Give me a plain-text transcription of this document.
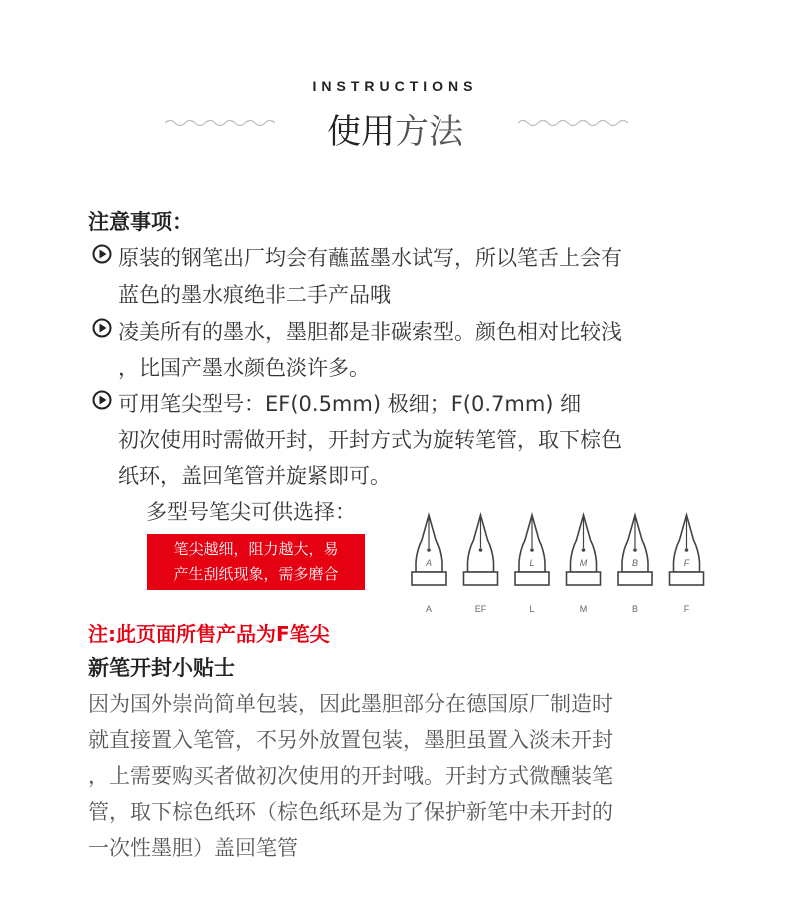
INSTRUCTIONS
使用方法
注意事项：
原装的钢笔出厂均会有蘸蓝墨水试写，所以笔舌上会有
蓝色的墨水痕绝非二手产品哦
凌美所有的墨水，墨胆都是非碳索型。颜色相对比较浅
，比国产墨水颜色淡许多。
可用笔尖型号：EF(0.5mm) 极细；F(0.7mm) 细
初次使用时需做开封，开封方式为旋转笔管，取下棕色
纸环，盖回笔管并旋紧即可。
多型号笔尖可供选择：
笔尖越细，阻力越大，易
产生刮纸现象，需多磨合
A
A	EF
L
L
M
M
B
B
F
F
注:此页面所售产品为F笔尖
新笔开封小贴士
因为国外崇尚简单包装，因此墨胆部分在德国原厂制造时
就直接置入笔管，不另外放置包装，墨胆虽置入淡未开封
，上需要购买者做初次使用的开封哦。开封方式微醺装笔
管，取下棕色纸环（棕色纸环是为了保护新笔中未开封的
一次性墨胆）盖回笔管
